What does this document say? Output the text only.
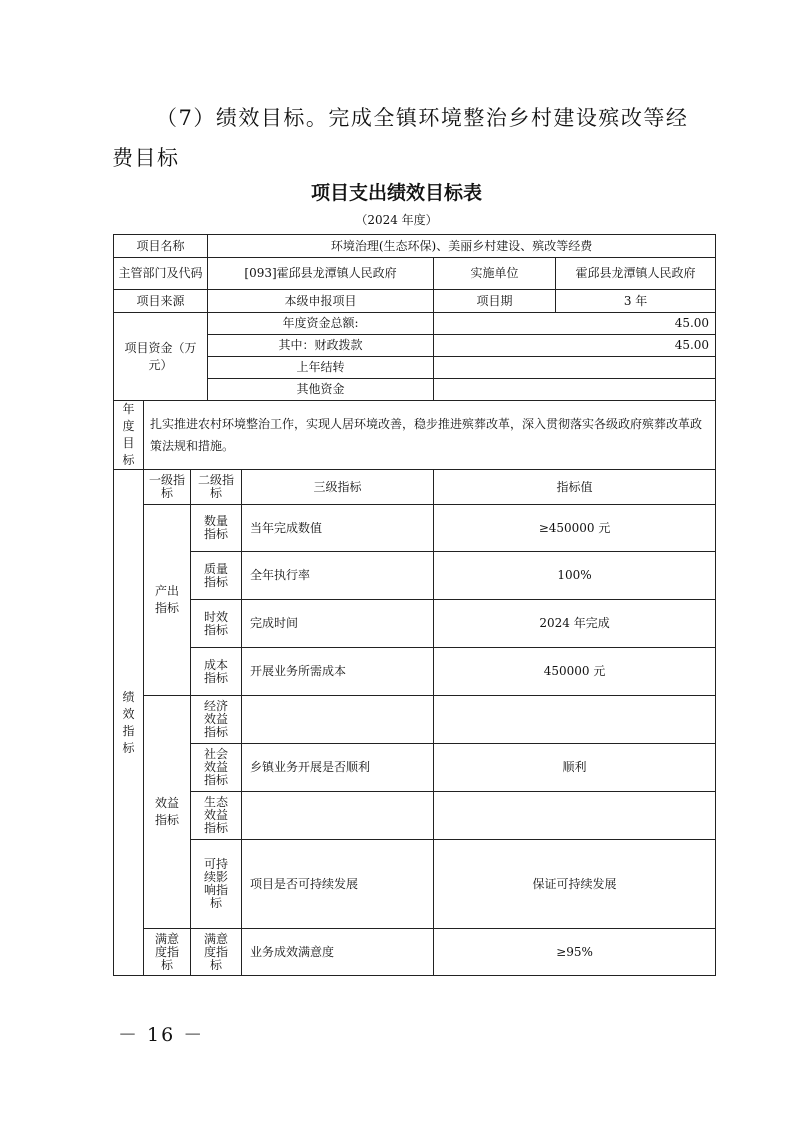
（7）绩效目标。完成全镇环境整治乡村建设殡改等经
费目标
项目支出绩效目标表
（2024 年度）
项目名称			环境治理(生态环保)、美丽乡村建设、殡改等经费			
主管部门及代码			[093]霍邱县龙潭镇人民政府		实施单位	霍邱县龙潭镇人民政府
项目来源			本级申报项目		项目期	3 年
项目资金（万元）			年度资金总额:		45.00	
			其中：财政拨款		45.00	
			上年结转			
			其他资金			
年度目标	扎实推进农村环境整治工作，实现人居环境改善，稳步推进殡葬改革，深入贯彻落实各级政府殡葬改革政策法规和措施。					
绩效指标	一级指标	二级指标		三级指标	指标值	
	产出指标	数量指标		当年完成数值	≥450000 元	
		质量指标		全年执行率	100%	
		时效指标		完成时间	2024 年完成	
		成本指标		开展业务所需成本	450000 元	
	效益指标	经济效益指标				
		社会效益指标		乡镇业务开展是否顺利	顺利	
		生态效益指标				
		可持续影响指标		项目是否可持续发展	保证可持续发展	
	满意度指标	满意度指标		业务成效满意度	≥95%	
－ 16 －
